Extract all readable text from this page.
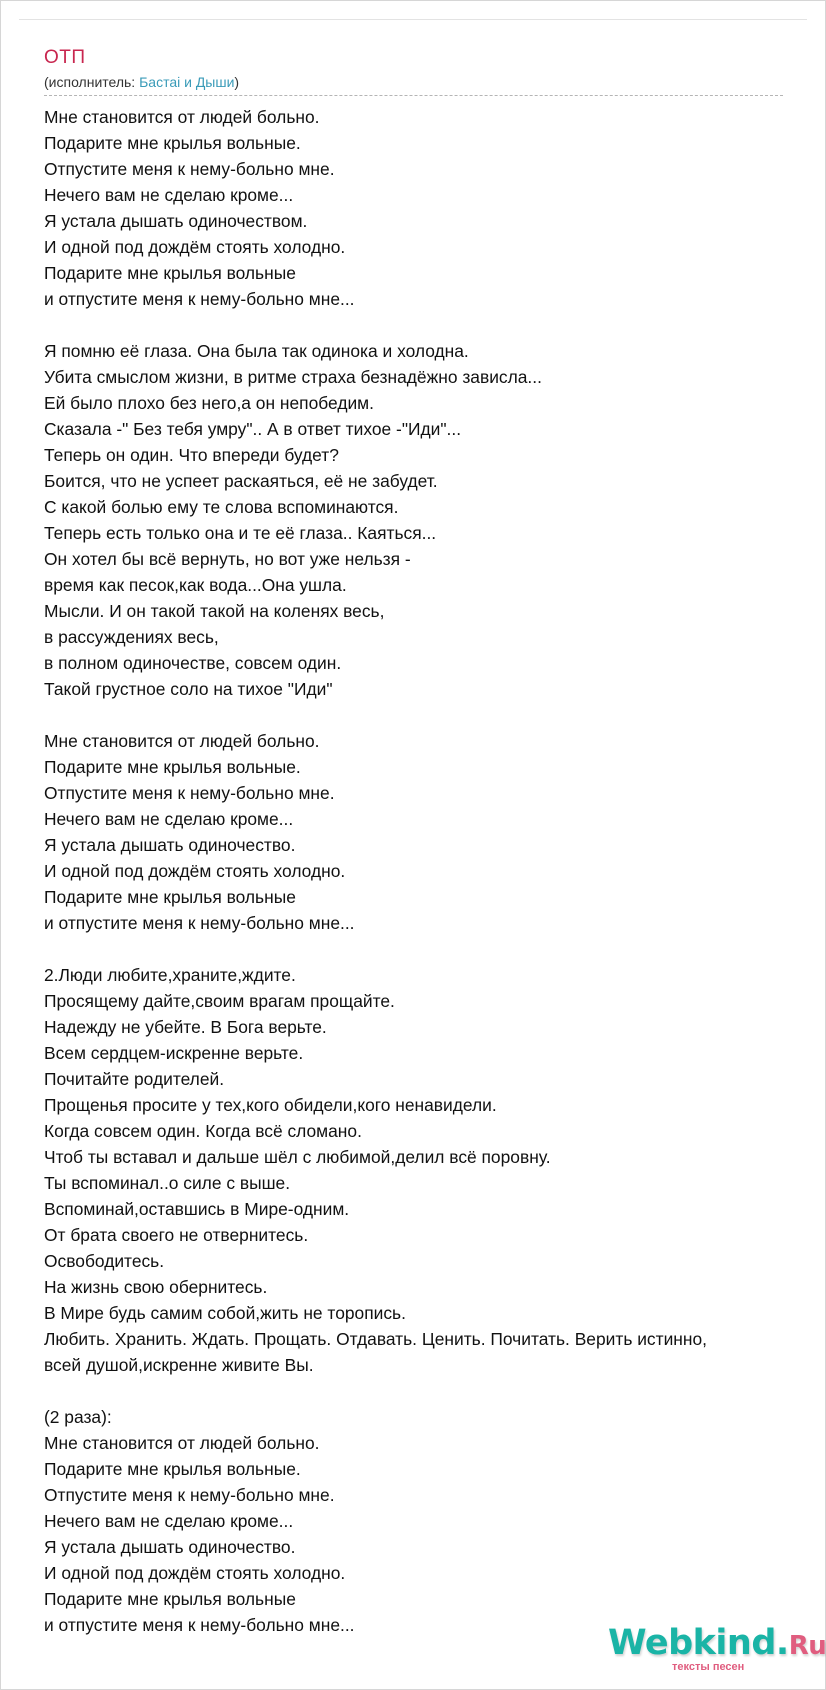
ОТП
(исполнитель: Бастаі и Дыши)
Мне становится от людей больно.
Подарите мне крылья вольные.
Отпустите меня к нему-больно мне.
Нечего вам не сделаю кроме...
Я устала дышать одиночеством.
И одной под дождём стоять холодно.
Подарите мне крылья вольные
и отпустите меня к нему-больно мне...
Я помню её глаза. Она была так одинока и холодна.
Убита смыслом жизни, в ритме страха безнадёжно зависла...
Ей было плохо без него,а он непобедим.
Сказала -" Без тебя умру".. А в ответ тихое -"Иди"...
Теперь он один. Что впереди будет?
Боится, что не успеет раскаяться, её не забудет.
С какой болью ему те слова вспоминаются.
Теперь есть только она и те её глаза.. Каяться...
Он хотел бы всё вернуть, но вот уже нельзя -
время как песок,как вода...Она ушла.
Мысли. И он такой такой на коленях весь,
в рассуждениях весь,
в полном одиночестве, совсем один.
Такой грустное соло на тихое "Иди"
Мне становится от людей больно.
Подарите мне крылья вольные.
Отпустите меня к нему-больно мне.
Нечего вам не сделаю кроме...
Я устала дышать одиночество.
И одной под дождём стоять холодно.
Подарите мне крылья вольные
и отпустите меня к нему-больно мне...
2.Люди любите,храните,ждите.
Просящему дайте,своим врагам прощайте.
Надежду не убейте. В Бога верьте.
Всем сердцем-искренне верьте.
Почитайте родителей.
Прощенья просите у тех,кого обидели,кого ненавидели.
Когда совсем один. Когда всё сломано.
Чтоб ты вставал и дальше шёл с любимой,делил всё поровну.
Ты вспоминал..о силе с выше.
Вспоминай,оставшись в Мире-одним.
От брата своего не отвернитесь.
Освободитесь.
На жизнь свою обернитесь.
В Мире будь самим собой,жить не торопись.
Любить. Хранить. Ждать. Прощать. Отдавать. Ценить. Почитать. Верить истинно,
всей душой,искренне живите Вы.
(2 раза):
Мне становится от людей больно.
Подарите мне крылья вольные.
Отпустите меня к нему-больно мне.
Нечего вам не сделаю кроме...
Я устала дышать одиночество.
И одной под дождём стоять холодно.
Подарите мне крылья вольные
и отпустите меня к нему-больно мне...	Webkind.Ru
тексты песен
